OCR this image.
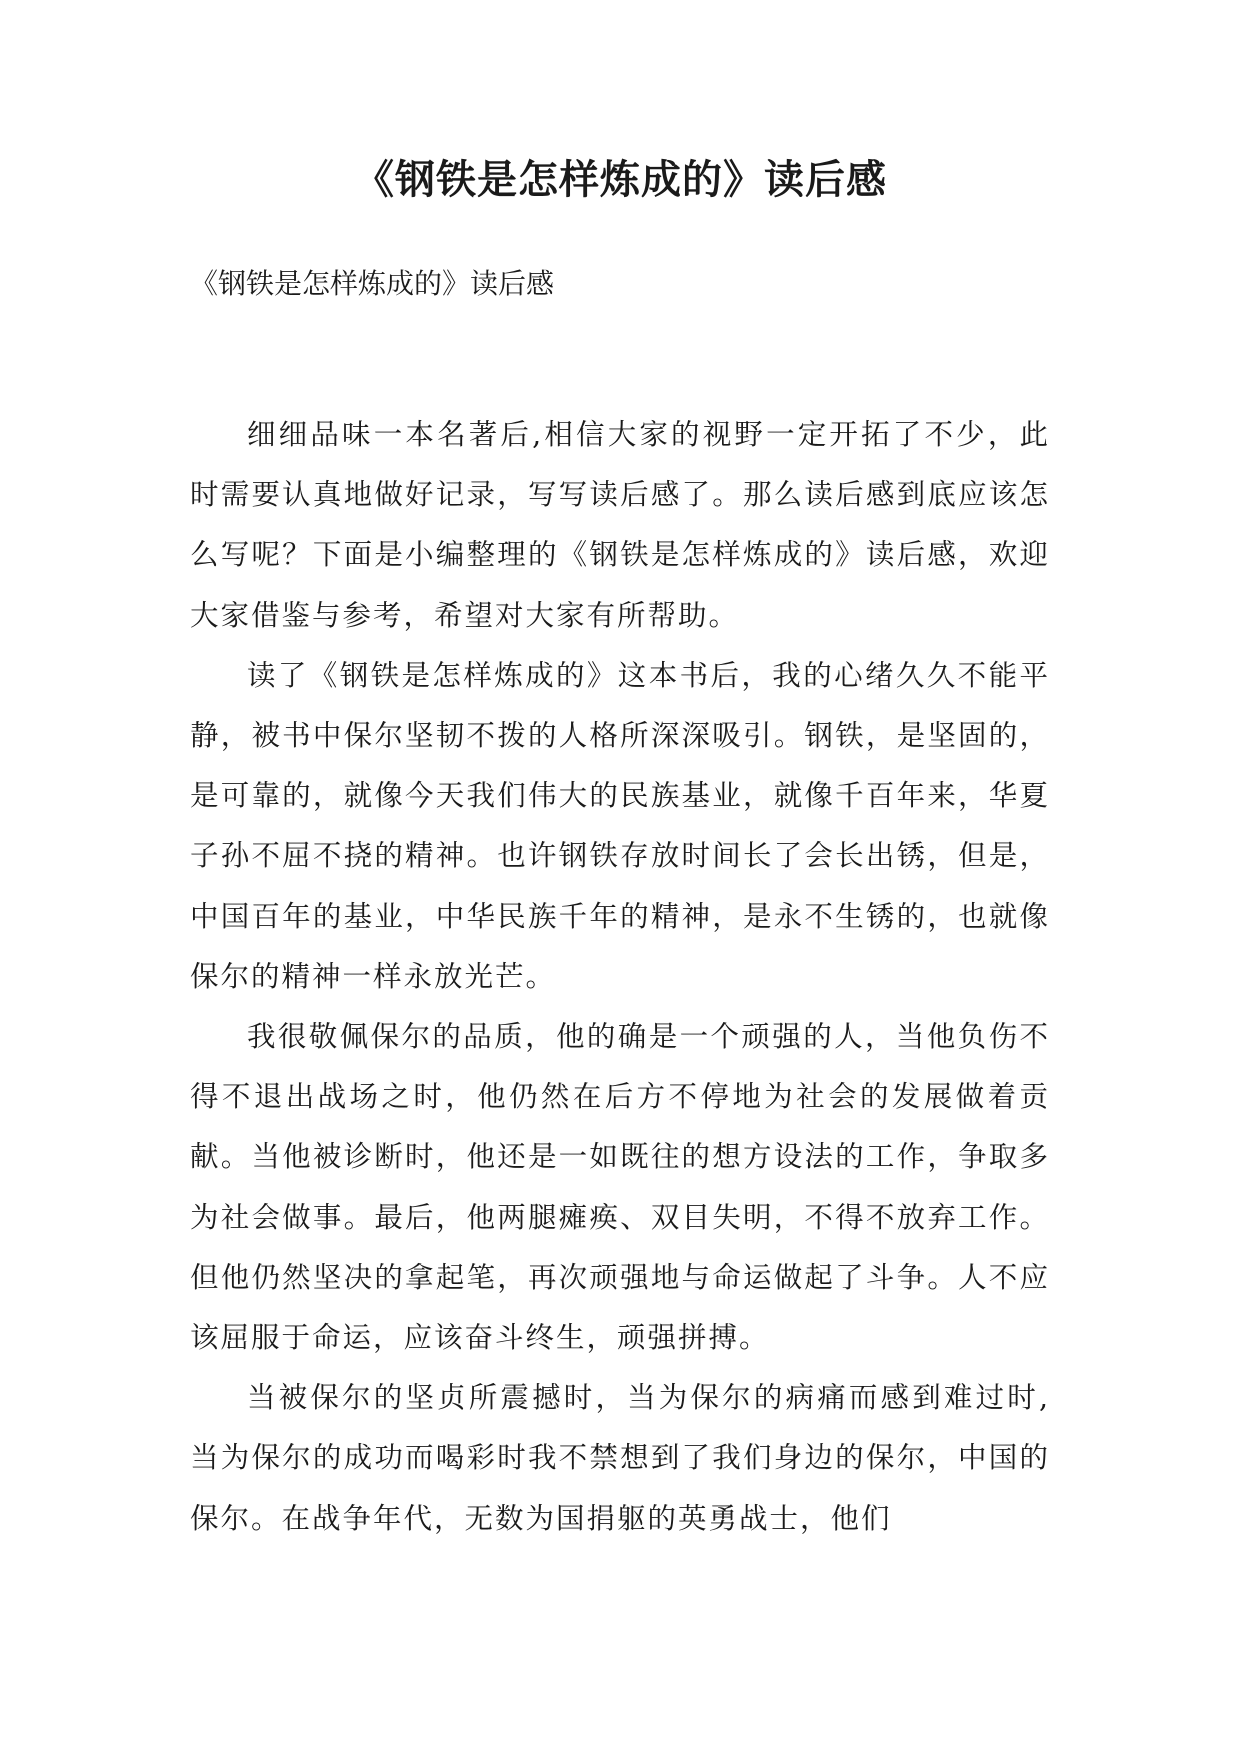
《钢铁是怎样炼成的》读后感

《钢铁是怎样炼成的》读后感

细细品味一本名著后,相信大家的视野一定开拓了不少，此时需要认真地做好记录，写写读后感了。那么读后感到底应该怎么写呢？下面是小编整理的《钢铁是怎样炼成的》读后感，欢迎大家借鉴与参考，希望对大家有所帮助。

读了《钢铁是怎样炼成的》这本书后，我的心绪久久不能平静，被书中保尔坚韧不拨的人格所深深吸引。钢铁，是坚固的，是可靠的，就像今天我们伟大的民族基业，就像千百年来，华夏子孙不屈不挠的精神。也许钢铁存放时间长了会长出锈，但是，中国百年的基业，中华民族千年的精神，是永不生锈的，也就像保尔的精神一样永放光芒。

我很敬佩保尔的品质，他的确是一个顽强的人，当他负伤不得不退出战场之时，他仍然在后方不停地为社会的发展做着贡献。当他被诊断时，他还是一如既往的想方设法的工作，争取多为社会做事。最后，他两腿瘫痪、双目失明，不得不放弃工作。但他仍然坚决的拿起笔，再次顽强地与命运做起了斗争。人不应该屈服于命运，应该奋斗终生，顽强拼搏。

当被保尔的坚贞所震撼时，当为保尔的病痛而感到难过时,当为保尔的成功而喝彩时我不禁想到了我们身边的保尔，中国的保尔。在战争年代，无数为国捐躯的英勇战士，他们
